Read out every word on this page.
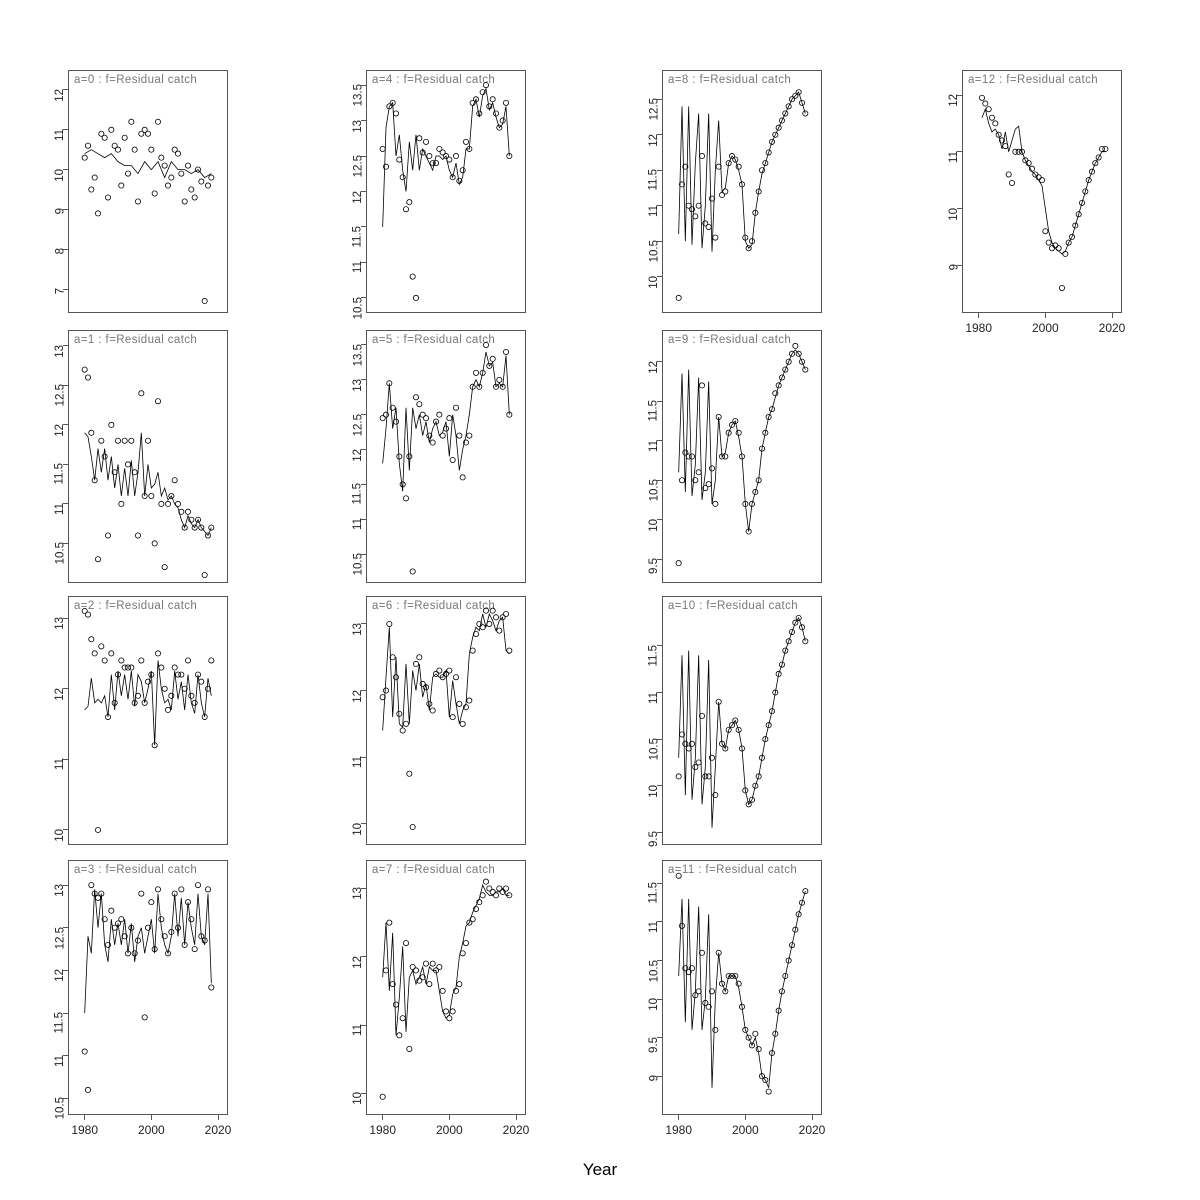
a=0 : f=Residual catch
7
8
9
10
11
12
a=1 : f=Residual catch
10.5
11
11.5
12
12.5
13
a=2 : f=Residual catch
10
11
12
13
a=3 : f=Residual catch
10.5
11
11.5
12
12.5
13
1980	2000	2020
a=4 : f=Residual catch
10.5
11
11.5
12
12.5
13
13.5
a=5 : f=Residual catch
10.5
11
11.5
12
12.5
13
13.5
a=6 : f=Residual catch
10
11
12
13
a=7 : f=Residual catch
10
11
12
13
1980	2000	2020
a=8 : f=Residual catch
10
10.5
11
11.5
12
12.5
a=9 : f=Residual catch
9.5
10
10.5
11
11.5
12
a=10 : f=Residual catch
9.5
10
10.5
11
11.5
a=11 : f=Residual catch
9
9.5
10
10.5
11
11.5
1980	2000	2020
a=12 : f=Residual catch
9
10
11
12
1980	2000	2020
Year
